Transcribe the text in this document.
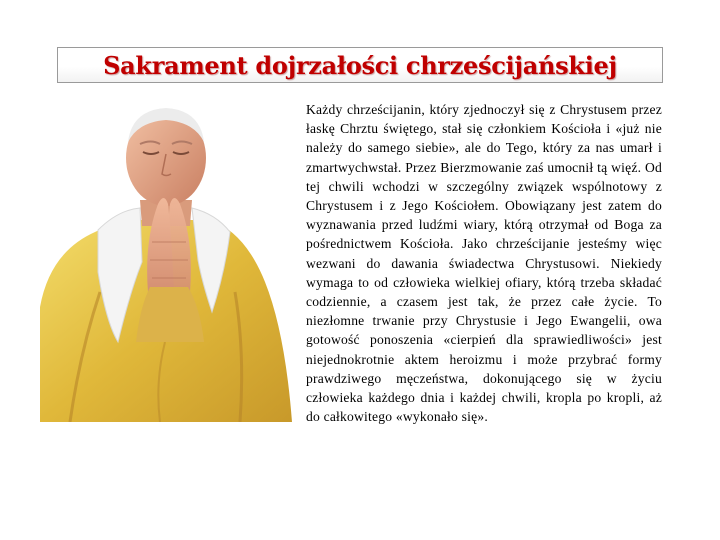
Sakrament dojrzałości chrześcijańskiej

Każdy chrześcijanin, który zjednoczył się z Chrystusem przez łaskę Chrztu świętego, stał się członkiem Kościoła i «już nie należy do samego siebie», ale do Tego, który za nas umarł i zmartwychwstał. Przez Bierzmowanie zaś umocnił tą więź. Od tej chwili wchodzi w szczególny związek wspólnotowy z Chrystusem i z Jego Kościołem. Obowiązany jest zatem do wyznawania przed ludźmi wiary, którą otrzymał od Boga za pośrednictwem Kościoła. Jako chrześcijanie jesteśmy więc wezwani do dawania świadectwa Chrystusowi. Niekiedy wymaga to od człowieka wielkiej ofiary, którą trzeba składać codziennie, a czasem jest tak, że przez całe życie. To niezłomne trwanie przy Chrystusie i Jego Ewangelii, owa gotowość ponoszenia «cierpień dla sprawiedliwości» jest niejednokrotnie aktem heroizmu i może przybrać formy prawdziwego męczeństwa, dokonującego się w życiu człowieka każdego dnia i każdej chwili, kropla po kropli, aż do całkowitego «wykonało się».
